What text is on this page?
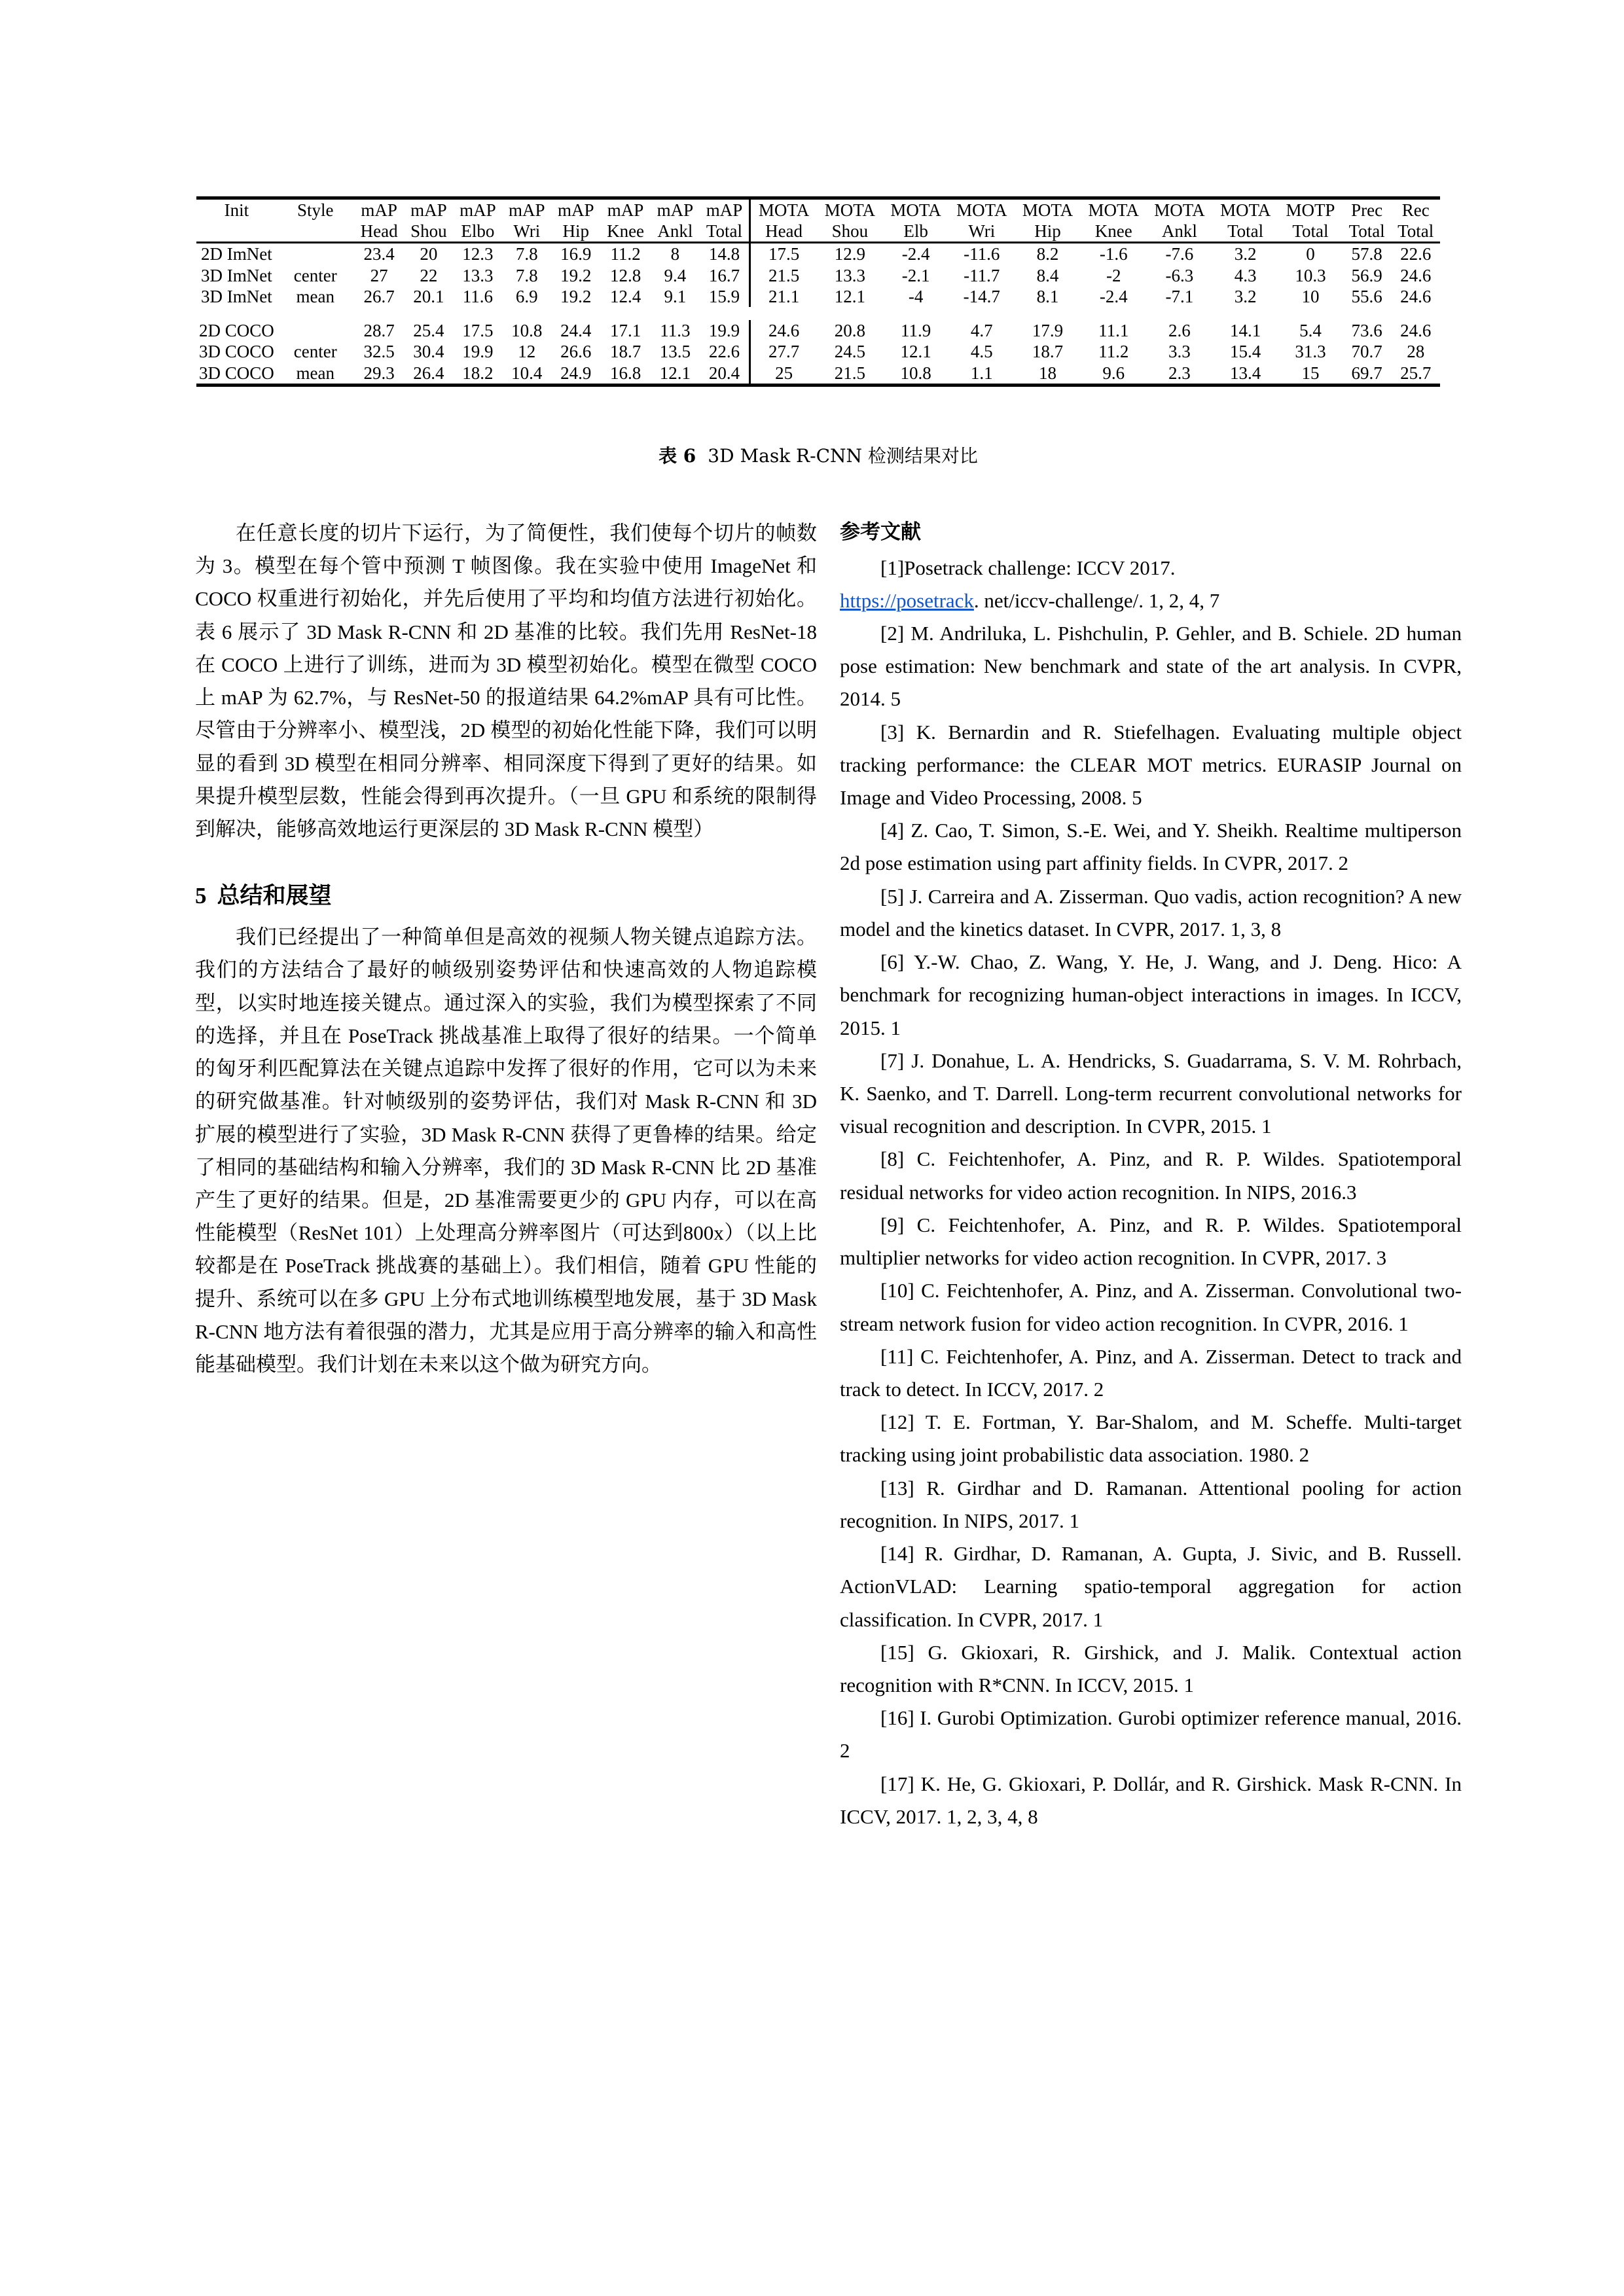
Init	Style	mAP	mAP	mAP	mAP	mAP	mAP	mAP	mAP	MOTA	MOTA	MOTA	MOTA	MOTA	MOTA	MOTA	MOTA	MOTP	Prec	Rec
		Head	Shou	Elbo	Wri	Hip	Knee	Ankl	Total	Head	Shou	Elb	Wri	Hip	Knee	Ankl	Total	Total	Total	Total
2D ImNet		23.4	20	12.3	7.8	16.9	11.2	8	14.8	17.5	12.9	-2.4	-11.6	8.2	-1.6	-7.6	3.2	0	57.8	22.6
3D ImNet	center	27	22	13.3	7.8	19.2	12.8	9.4	16.7	21.5	13.3	-2.1	-11.7	8.4	-2	-6.3	4.3	10.3	56.9	24.6
3D ImNet	mean	26.7	20.1	11.6	6.9	19.2	12.4	9.1	15.9	21.1	12.1	-4	-14.7	8.1	-2.4	-7.1	3.2	10	55.6	24.6

2D COCO		28.7	25.4	17.5	10.8	24.4	17.1	11.3	19.9	24.6	20.8	11.9	4.7	17.9	11.1	2.6	14.1	5.4	73.6	24.6
3D COCO	center	32.5	30.4	19.9	12	26.6	18.7	13.5	22.6	27.7	24.5	12.1	4.5	18.7	11.2	3.3	15.4	31.3	70.7	28
3D COCO	mean	29.3	26.4	18.2	10.4	24.9	16.8	12.1	20.4	25	21.5	10.8	1.1	18	9.6	2.3	13.4	15	69.7	25.7

表 6 3D Mask R-CNN 检测结果对比

在任意长度的切片下运行，为了简便性，我们使每个切片的帧数为 3。模型在每个管中预测 T 帧图像。我在实验中使用 ImageNet 和 COCO 权重进行初始化，并先后使用了平均和均值方法进行初始化。表 6 展示了 3D Mask R-CNN 和 2D 基准的比较。我们先用 ResNet-18 在 COCO 上进行了训练，进而为 3D 模型初始化。模型在微型 COCO 上 mAP 为 62.7%，与 ResNet-50 的报道结果 64.2%mAP 具有可比性。尽管由于分辨率小、模型浅，2D 模型的初始化性能下降，我们可以明显的看到 3D 模型在相同分辨率、相同深度下得到了更好的结果。如果提升模型层数，性能会得到再次提升。（一旦 GPU 和系统的限制得到解决，能够高效地运行更深层的 3D Mask R-CNN 模型）

5 总结和展望

我们已经提出了一种简单但是高效的视频人物关键点追踪方法。我们的方法结合了最好的帧级别姿势评估和快速高效的人物追踪模型，以实时地连接关键点。通过深入的实验，我们为模型探索了不同的选择，并且在 PoseTrack 挑战基准上取得了很好的结果。一个简单的匈牙利匹配算法在关键点追踪中发挥了很好的作用，它可以为未来的研究做基准。针对帧级别的姿势评估，我们对 Mask R-CNN 和 3D 扩展的模型进行了实验，3D Mask R-CNN 获得了更鲁棒的结果。给定了相同的基础结构和输入分辨率，我们的 3D Mask R-CNN 比 2D 基准产生了更好的结果。但是，2D 基准需要更少的 GPU 内存，可以在高性能模型（ResNet 101）上处理高分辨率图片（可达到800x）（以上比较都是在 PoseTrack 挑战赛的基础上）。我们相信，随着 GPU 性能的提升、系统可以在多 GPU 上分布式地训练模型地发展，基于 3D Mask R-CNN 地方法有着很强的潜力，尤其是应用于高分辨率的输入和高性能基础模型。我们计划在未来以这个做为研究方向。

参考文献

[1]Posetrack challenge: ICCV 2017.
https://posetrack. net/iccv-challenge/. 1, 2, 4, 7

[2] M. Andriluka, L. Pishchulin, P. Gehler, and B. Schiele. 2D human pose estimation: New benchmark and state of the art analysis. In CVPR, 2014. 5

[3] K. Bernardin and R. Stiefelhagen. Evaluating multiple object tracking performance: the CLEAR MOT metrics. EURASIP Journal on Image and Video Processing, 2008. 5

[4] Z. Cao, T. Simon, S.-E. Wei, and Y. Sheikh. Realtime multiperson 2d pose estimation using part affinity fields. In CVPR, 2017. 2

[5] J. Carreira and A. Zisserman. Quo vadis, action recognition? A new model and the kinetics dataset. In CVPR, 2017. 1, 3, 8

[6] Y.-W. Chao, Z. Wang, Y. He, J. Wang, and J. Deng. Hico: A benchmark for recognizing human-object interactions in images. In ICCV, 2015. 1

[7] J. Donahue, L. A. Hendricks, S. Guadarrama, S. V. M. Rohrbach, K. Saenko, and T. Darrell. Long-term recurrent convolutional networks for visual recognition and description. In CVPR, 2015. 1

[8] C. Feichtenhofer, A. Pinz, and R. P. Wildes. Spatiotemporal residual networks for video action recognition. In NIPS, 2016.3

[9] C. Feichtenhofer, A. Pinz, and R. P. Wildes. Spatiotemporal multiplier networks for video action recognition. In CVPR, 2017. 3

[10] C. Feichtenhofer, A. Pinz, and A. Zisserman. Convolutional two-stream network fusion for video action recognition. In CVPR, 2016. 1

[11] C. Feichtenhofer, A. Pinz, and A. Zisserman. Detect to track and track to detect. In ICCV, 2017. 2

[12] T. E. Fortman, Y. Bar-Shalom, and M. Scheffe. Multi-target tracking using joint probabilistic data association. 1980. 2

[13] R. Girdhar and D. Ramanan. Attentional pooling for action recognition. In NIPS, 2017. 1

[14] R. Girdhar, D. Ramanan, A. Gupta, J. Sivic, and B. Russell. ActionVLAD: Learning spatio-temporal aggregation for action classification. In CVPR, 2017. 1

[15] G. Gkioxari, R. Girshick, and J. Malik. Contextual action recognition with R*CNN. In ICCV, 2015. 1

[16] I. Gurobi Optimization. Gurobi optimizer reference manual, 2016. 2

[17] K. He, G. Gkioxari, P. Dollár, and R. Girshick. Mask R-CNN. In ICCV, 2017. 1, 2, 3, 4, 8
